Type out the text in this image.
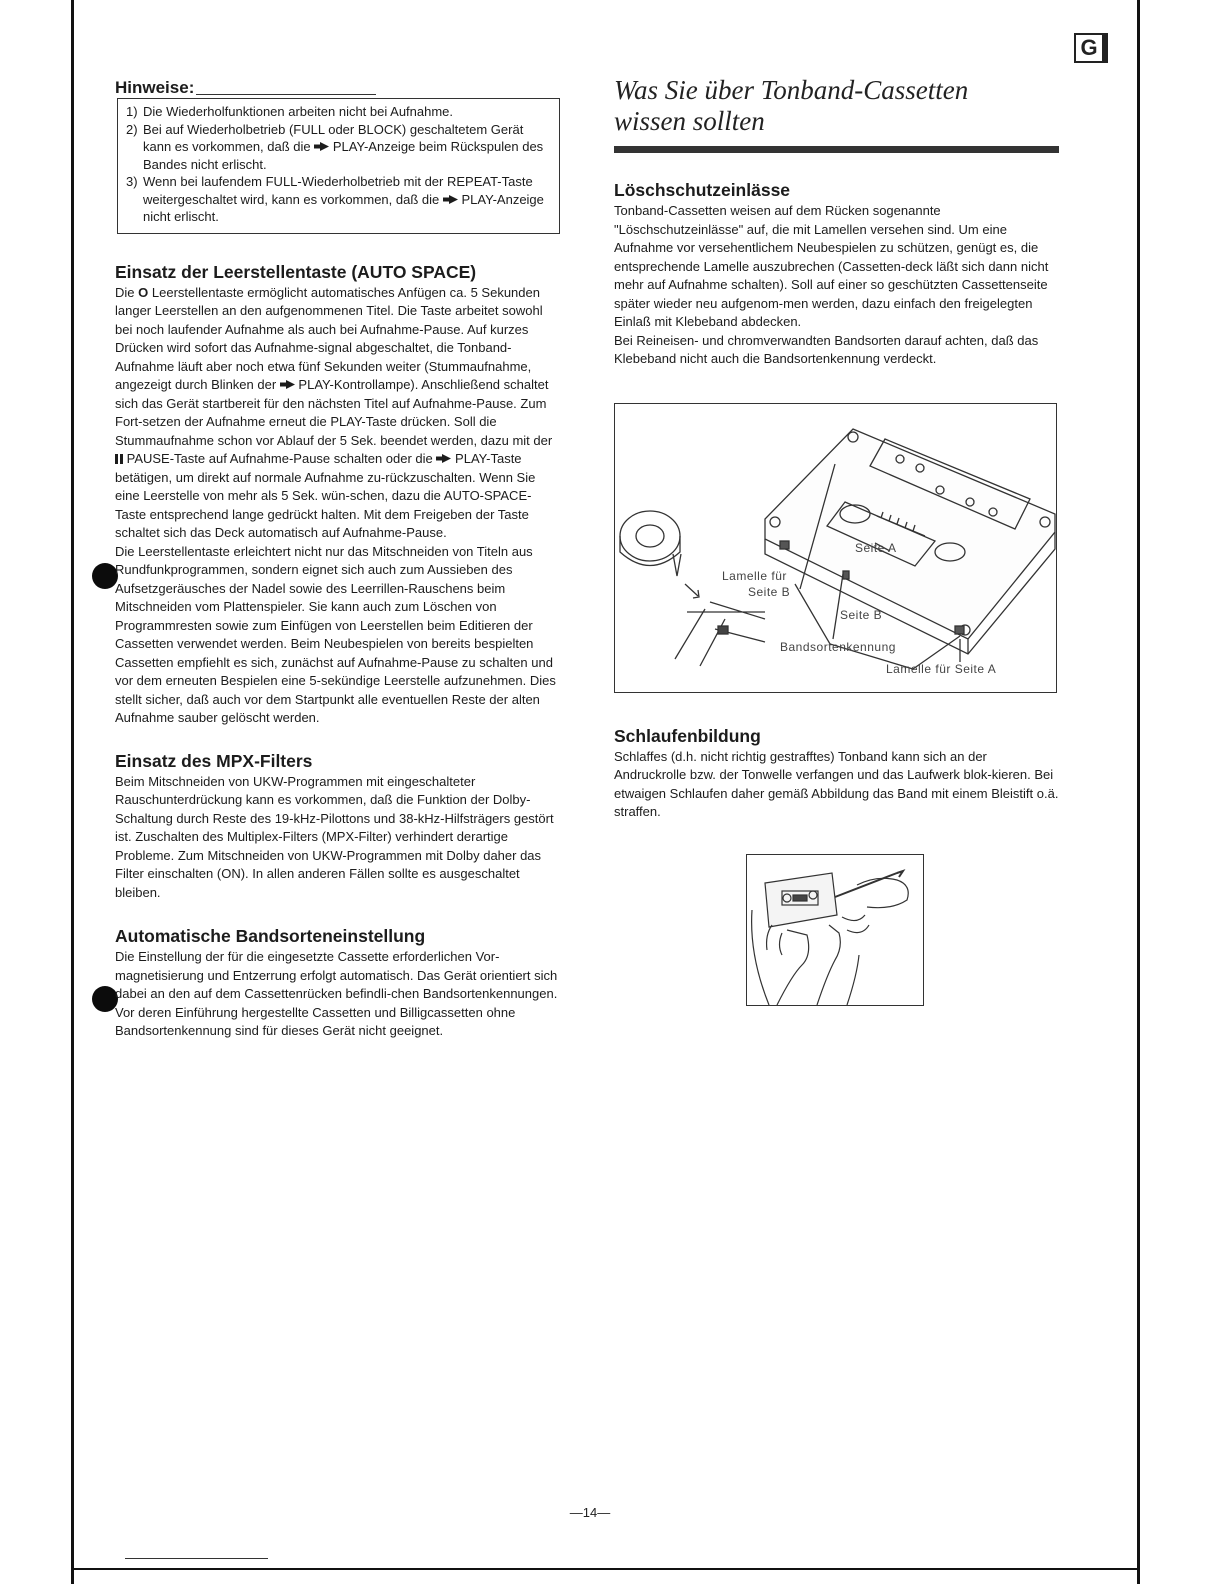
G
Hinweise:
1) Die Wiederholfunktionen arbeiten nicht bei Aufnahme.
2) Bei auf Wiederholbetrieb (FULL oder BLOCK) geschaltetem Gerät kann es vorkommen, daß die PLAY-Anzeige beim Rückspulen des Bandes nicht erlischt.
3) Wenn bei laufendem FULL-Wiederholbetrieb mit der REPEAT-Taste weitergeschaltet wird, kann es vorkommen, daß die PLAY-Anzeige nicht erlischt.
Einsatz der Leerstellentaste (AUTO SPACE)

Die O Leerstellentaste ermöglicht automatisches Anfügen ca. 5 Sekunden langer Leerstellen an den aufgenommenen Titel. Die Taste arbeitet sowohl bei noch laufender Aufnahme als auch bei Aufnahme-Pause. Auf kurzes Drücken wird sofort das Aufnahme-signal abgeschaltet, die Tonband-Aufnahme läuft aber noch etwa fünf Sekunden weiter (Stummaufnahme, angezeigt durch Blinken der PLAY-Kontrollampe). Anschließend schaltet sich das Gerät startbereit für den nächsten Titel auf Aufnahme-Pause. Zum Fort-setzen der Aufnahme erneut die PLAY-Taste drücken. Soll die Stummaufnahme schon vor Ablauf der 5 Sek. beendet werden, dazu mit der  PAUSE-Taste auf Aufnahme-Pause schalten oder die PLAY-Taste betätigen, um direkt auf normale Aufnahme zu-rückzuschalten. Wenn Sie eine Leerstelle von mehr als 5 Sek. wün-schen, dazu die AUTO-SPACE-Taste entsprechend lange gedrückt halten. Mit dem Freigeben der Taste schaltet sich das Deck automatisch auf Aufnahme-Pause.

Die Leerstellentaste erleichtert nicht nur das Mitschneiden von Titeln aus Rundfunkprogrammen, sondern eignet sich auch zum Aussieben des Aufsetzgeräusches der Nadel sowie des Leerrillen-Rauschens beim Mitschneiden vom Plattenspieler. Sie kann auch zum Löschen von Programmresten sowie zum Einfügen von Leerstellen beim Editieren der Cassetten verwendet werden. Beim Neubespielen von bereits bespielten Cassetten empfiehlt es sich, zunächst auf Aufnahme-Pause zu schalten und vor dem erneuten Bespielen eine 5-sekündige Leerstelle aufzunehmen. Dies stellt sicher, daß auch vor dem Startpunkt alle eventuellen Reste der alten Aufnahme sauber gelöscht werden.

Einsatz des MPX-Filters

Beim Mitschneiden von UKW-Programmen mit eingeschalteter Rauschunterdrückung kann es vorkommen, daß die Funktion der Dolby-Schaltung durch Reste des 19-kHz-Pilottons und 38-kHz-Hilfsträgers gestört ist. Zuschalten des Multiplex-Filters (MPX-Filter) verhindert derartige Probleme. Zum Mitschneiden von UKW-Programmen mit Dolby daher das Filter einschalten (ON). In allen anderen Fällen sollte es ausgeschaltet bleiben.

Automatische Bandsorteneinstellung

Die Einstellung der für die eingesetzte Cassette erforderlichen Vor-magnetisierung und Entzerrung erfolgt automatisch. Das Gerät orientiert sich dabei an den auf dem Cassettenrücken befindli-chen Bandsortenkennungen. Vor deren Einführung hergestellte Cassetten und Billigcassetten ohne Bandsortenkennung sind für dieses Gerät nicht geeignet.

Was Sie über Tonband-Cassetten
wissen sollten
Löschschutzeinlässe

Tonband-Cassetten weisen auf dem Rücken sogenannte "Löschschutzeinlässe" auf, die mit Lamellen versehen sind. Um eine Aufnahme vor versehentlichem Neubespielen zu schützen, genügt es, die entsprechende Lamelle auszubrechen (Cassetten-deck läßt sich dann nicht mehr auf Aufnahme schalten). Soll auf einer so geschützten Cassettenseite später wieder neu aufgenom-men werden, dazu einfach den freigelegten Einlaß mit Klebeband abdecken.

Bei Reineisen- und chromverwandten Bandsorten darauf achten, daß das Klebeband nicht auch die Bandsortenkennung verdeckt.

Schlaufenbildung

Schlaffes (d.h. nicht richtig gestrafftes) Tonband kann sich an der Andruckrolle bzw. der Tonwelle verfangen und das Laufwerk blok-kieren. Bei etwaigen Schlaufen daher gemäß Abbildung das Band mit einem Bleistift o.ä. straffen.

Seite A
Lamelle für
Seite B
Seite B
Bandsortenkennung
Lamelle für Seite A
—14—
